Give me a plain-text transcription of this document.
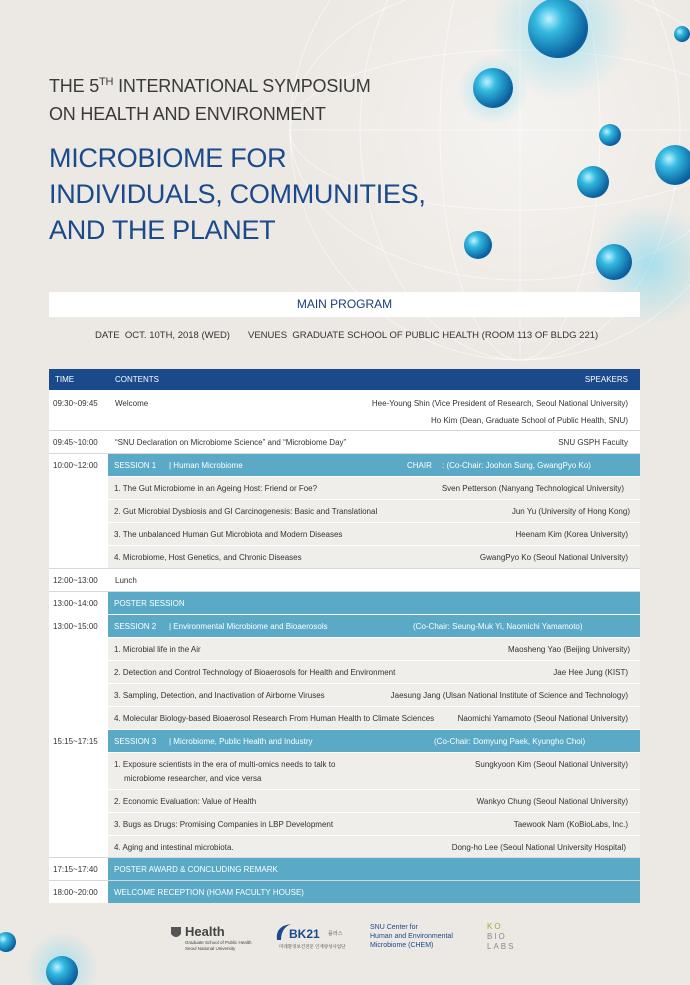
THE 5TH INTERNATIONAL SYMPOSIUM
ON HEALTH AND ENVIRONMENT
MICROBIOME FOR
INDIVIDUALS, COMMUNITIES,
AND THE PLANET
MAIN PROGRAM
DATE OCT. 10TH, 2018 (WED) VENUES GRADUATE SCHOOL OF PUBLIC HEALTH (ROOM 113 OF BLDG 221)
TIME	CONTENTS	SPEAKERS
09:30~09:45 Welcome	Hee-Young Shin (Vice President of Research, Seoul National University)
Ho Kim (Dean, Graduate School of Public Health, SNU)
09:45~10:00 “SNU Declaration on Microbiome Science” and “Microbiome Day”	SNU GSPH Faculty
10:00~12:00 SESSION 1 | Human Microbiome	CHAIR : (Co-Chair: Joohon Sung, GwangPyo Ko)
1. The Gut Microbiome in an Ageing Host: Friend or Foe?	Sven Petterson (Nanyang Technological University)
2. Gut Microbial Dysbiosis and GI Carcinogenesis: Basic and Translational	Jun Yu (University of Hong Kong)
3. The unbalanced Human Gut Microbiota and Modern Diseases	Heenam Kim (Korea University)
4. Microbiome, Host Genetics, and Chronic Diseases	GwangPyo Ko (Seoul National University)
12:00~13:00 Lunch
13:00~14:00 POSTER SESSION
13:00~15:00 SESSION 2 | Environmental Microbiome and Bioaerosols	(Co-Chair: Seung-Muk Yi, Naomichi Yamamoto)
1. Microbial life in the Air	Maosheng Yao (Beijing University)
2. Detection and Control Technology of Bioaerosols for Health and Environment	Jae Hee Jung (KIST)
3. Sampling, Detection, and Inactivation of Airborne Viruses	Jaesung Jang (Ulsan National Institute of Science and Technology)
4. Molecular Biology-based Bioaerosol Research From Human Health to Climate Sciences	Naomichi Yamamoto (Seoul National University)
15:15~17:15 SESSION 3 | Microbiome, Public Health and Industry	(Co-Chair: Domyung Paek, Kyungho Choi)
1. Exposure scientists in the era of multi-omics needs to talk to
microbiome researcher, and vice versa
Sungkyoon Kim (Seoul National University)
2. Economic Evaluation: Value of Health	Wankyo Chung (Seoul National University)
3. Bugs as Drugs: Promising Companies in LBP Development	Taewook Nam (KoBioLabs, Inc.)
4. Aging and intestinal microbiota.	Dong-ho Lee (Seoul National University Hospital)
17:15~17:40 POSTER AWARD & CONCLUDING REMARK
18:00~20:00 WELCOME RECEPTION (HOAM FACULTY HOUSE)
Health
Graduate School of Public Health
Seoul National University
BK21 플러스
미래환경보건전문 인재양성사업단
SNU Center for
Human and Environmental
Microbiome (CHEM)
KO
BIO
LABS
